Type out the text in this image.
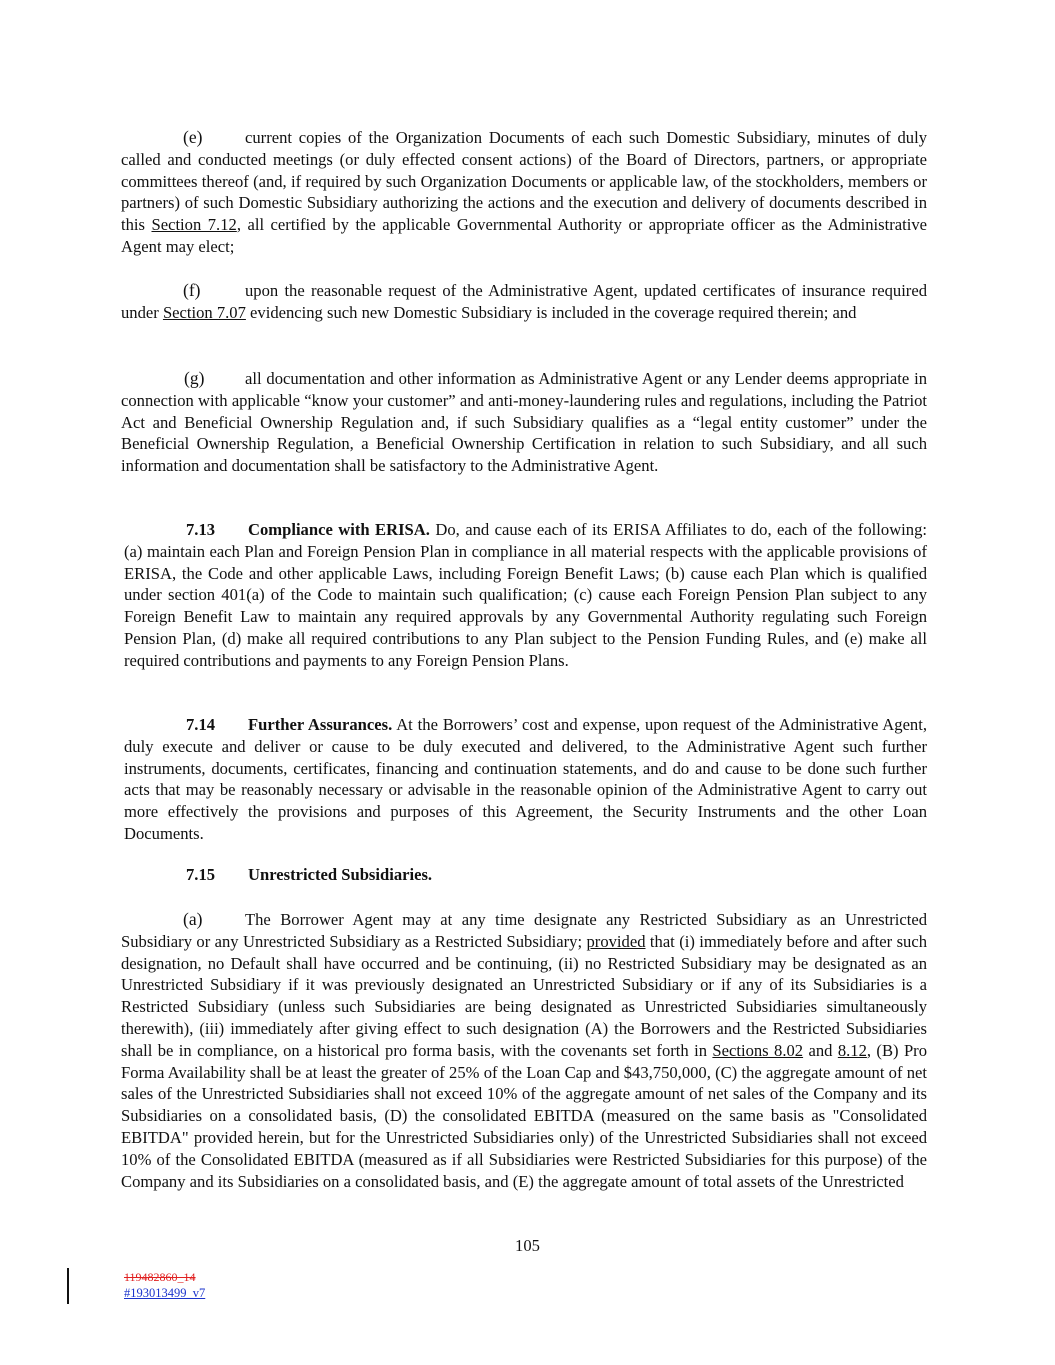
(e)	current copies of the Organization Documents of each such Domestic Subsidiary, minutes of duly called and conducted meetings (or duly effected consent actions) of the Board of Directors, partners, or appropriate committees thereof (and, if required by such Organization Documents or applicable law, of the stockholders, members or partners) of such Domestic Subsidiary authorizing the actions and the execution and delivery of documents described in this Section 7.12, all certified by the applicable Governmental Authority or appropriate officer as the Administrative Agent may elect;

(f)	upon the reasonable request of the Administrative Agent, updated certificates of insurance required under Section 7.07 evidencing such new Domestic Subsidiary is included in the coverage required therein; and

(g) all documentation and other information as Administrative Agent or any Lender deems appropriate in connection with applicable “know your customer” and anti-money-laundering rules and regulations, including the Patriot Act and Beneficial Ownership Regulation and, if such Subsidiary qualifies as a “legal entity customer” under the Beneficial Ownership Regulation, a Beneficial Ownership Certification in relation to such Subsidiary, and all such information and documentation shall be satisfactory to the Administrative Agent.

7.13 Compliance with ERISA. Do, and cause each of its ERISA Affiliates to do, each of the following: (a) maintain each Plan and Foreign Pension Plan in compliance in all material respects with the applicable provisions of ERISA, the Code and other applicable Laws, including Foreign Benefit Laws; (b) cause each Plan which is qualified under section 401(a) of the Code to maintain such qualification; (c) cause each Foreign Pension Plan subject to any Foreign Benefit Law to maintain any required approvals by any Governmental Authority regulating such Foreign Pension Plan, (d) make all required contributions to any Plan subject to the Pension Funding Rules, and (e) make all required contributions and payments to any Foreign Pension Plans.

7.14 Further Assurances. At the Borrowers’ cost and expense, upon request of the Administrative Agent, duly execute and deliver or cause to be duly executed and delivered, to the Administrative Agent such further instruments, documents, certificates, financing and continuation statements, and do and cause to be done such further acts that may be reasonably necessary or advisable in the reasonable opinion of the Administrative Agent to carry out more effectively the provisions and purposes of this Agreement, the Security Instruments and the other Loan Documents.

7.15 Unrestricted Subsidiaries.

(a)	The Borrower Agent may at any time designate any Restricted Subsidiary as an Unrestricted Subsidiary or any Unrestricted Subsidiary as a Restricted Subsidiary; provided that (i) immediately before and after such designation, no Default shall have occurred and be continuing, (ii) no Restricted Subsidiary may be designated as an Unrestricted Subsidiary if it was previously designated an Unrestricted Subsidiary or if any of its Subsidiaries is a Restricted Subsidiary (unless such Subsidiaries are being designated as Unrestricted Subsidiaries simultaneously therewith), (iii) immediately after giving effect to such designation (A) the Borrowers and the Restricted Subsidiaries shall be in compliance, on a historical pro forma basis, with the covenants set forth in Sections 8.02 and 8.12, (B) Pro Forma Availability shall be at least the greater of 25% of the Loan Cap and $43,750,000, (C) the aggregate amount of net sales of the Unrestricted Subsidiaries shall not exceed 10% of the aggregate amount of net sales of the Company and its Subsidiaries on a consolidated basis, (D) the consolidated EBITDA (measured on the same basis as "Consolidated EBITDA" provided herein, but for the Unrestricted Subsidiaries only) of the Unrestricted Subsidiaries shall not exceed 10% of the Consolidated EBITDA (measured as if all Subsidiaries were Restricted Subsidiaries for this purpose) of the Company and its Subsidiaries on a consolidated basis, and (E) the aggregate amount of total assets of the Unrestricted

105
119482860_14
#193013499_v7
